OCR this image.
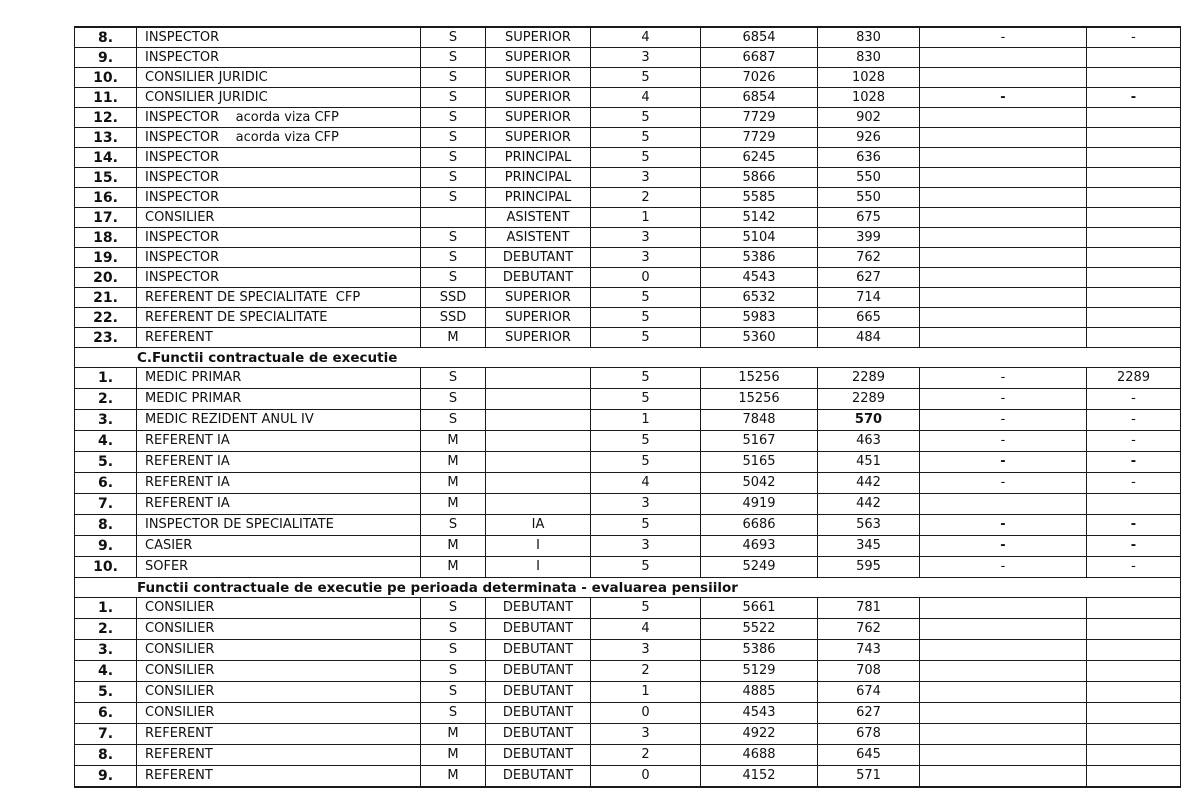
8.	INSPECTOR	S	SUPERIOR	4	6854	830	-	-
9.	INSPECTOR	S	SUPERIOR	3	6687	830		
10.	CONSILIER JURIDIC	S	SUPERIOR	5	7026	1028		
11.	CONSILIER JURIDIC	S	SUPERIOR	4	6854	1028	-	-
12.	INSPECTOR    acorda viza CFP	S	SUPERIOR	5	7729	902		
13.	INSPECTOR    acorda viza CFP	S	SUPERIOR	5	7729	926		
14.	INSPECTOR	S	PRINCIPAL	5	6245	636		
15.	INSPECTOR	S	PRINCIPAL	3	5866	550		
16.	INSPECTOR	S	PRINCIPAL	2	5585	550		
17.	CONSILIER		ASISTENT	1	5142	675		
18.	INSPECTOR	S	ASISTENT	3	5104	399		
19.	INSPECTOR	S	DEBUTANT	3	5386	762		
20.	INSPECTOR	S	DEBUTANT	0	4543	627		
21.	REFERENT DE SPECIALITATE  CFP	SSD	SUPERIOR	5	6532	714		
22.	REFERENT DE SPECIALITATE	SSD	SUPERIOR	5	5983	665		
23.	REFERENT	M	SUPERIOR	5	5360	484		
C.Functii contractuale de executie								
1.	MEDIC PRIMAR	S		5	15256	2289	-	2289
2.	MEDIC PRIMAR	S		5	15256	2289	-	-
3.	MEDIC REZIDENT ANUL IV	S		1	7848	570	-	-
4.	REFERENT IA	M		5	5167	463	-	-
5.	REFERENT IA	M		5	5165	451	-	-
6.	REFERENT IA	M		4	5042	442	-	-
7.	REFERENT IA	M		3	4919	442		
8.	INSPECTOR DE SPECIALITATE	S	IA	5	6686	563	-	-
9.	CASIER	M	I	3	4693	345	-	-
10.	SOFER	M	I	5	5249	595	-	-
Functii contractuale de executie pe perioada determinata - evaluarea pensiilor								
1.	CONSILIER	S	DEBUTANT	5	5661	781		
2.	CONSILIER	S	DEBUTANT	4	5522	762		
3.	CONSILIER	S	DEBUTANT	3	5386	743		
4.	CONSILIER	S	DEBUTANT	2	5129	708		
5.	CONSILIER	S	DEBUTANT	1	4885	674		
6.	CONSILIER	S	DEBUTANT	0	4543	627		
7.	REFERENT	M	DEBUTANT	3	4922	678		
8.	REFERENT	M	DEBUTANT	2	4688	645		
9.	REFERENT	M	DEBUTANT	0	4152	571		
